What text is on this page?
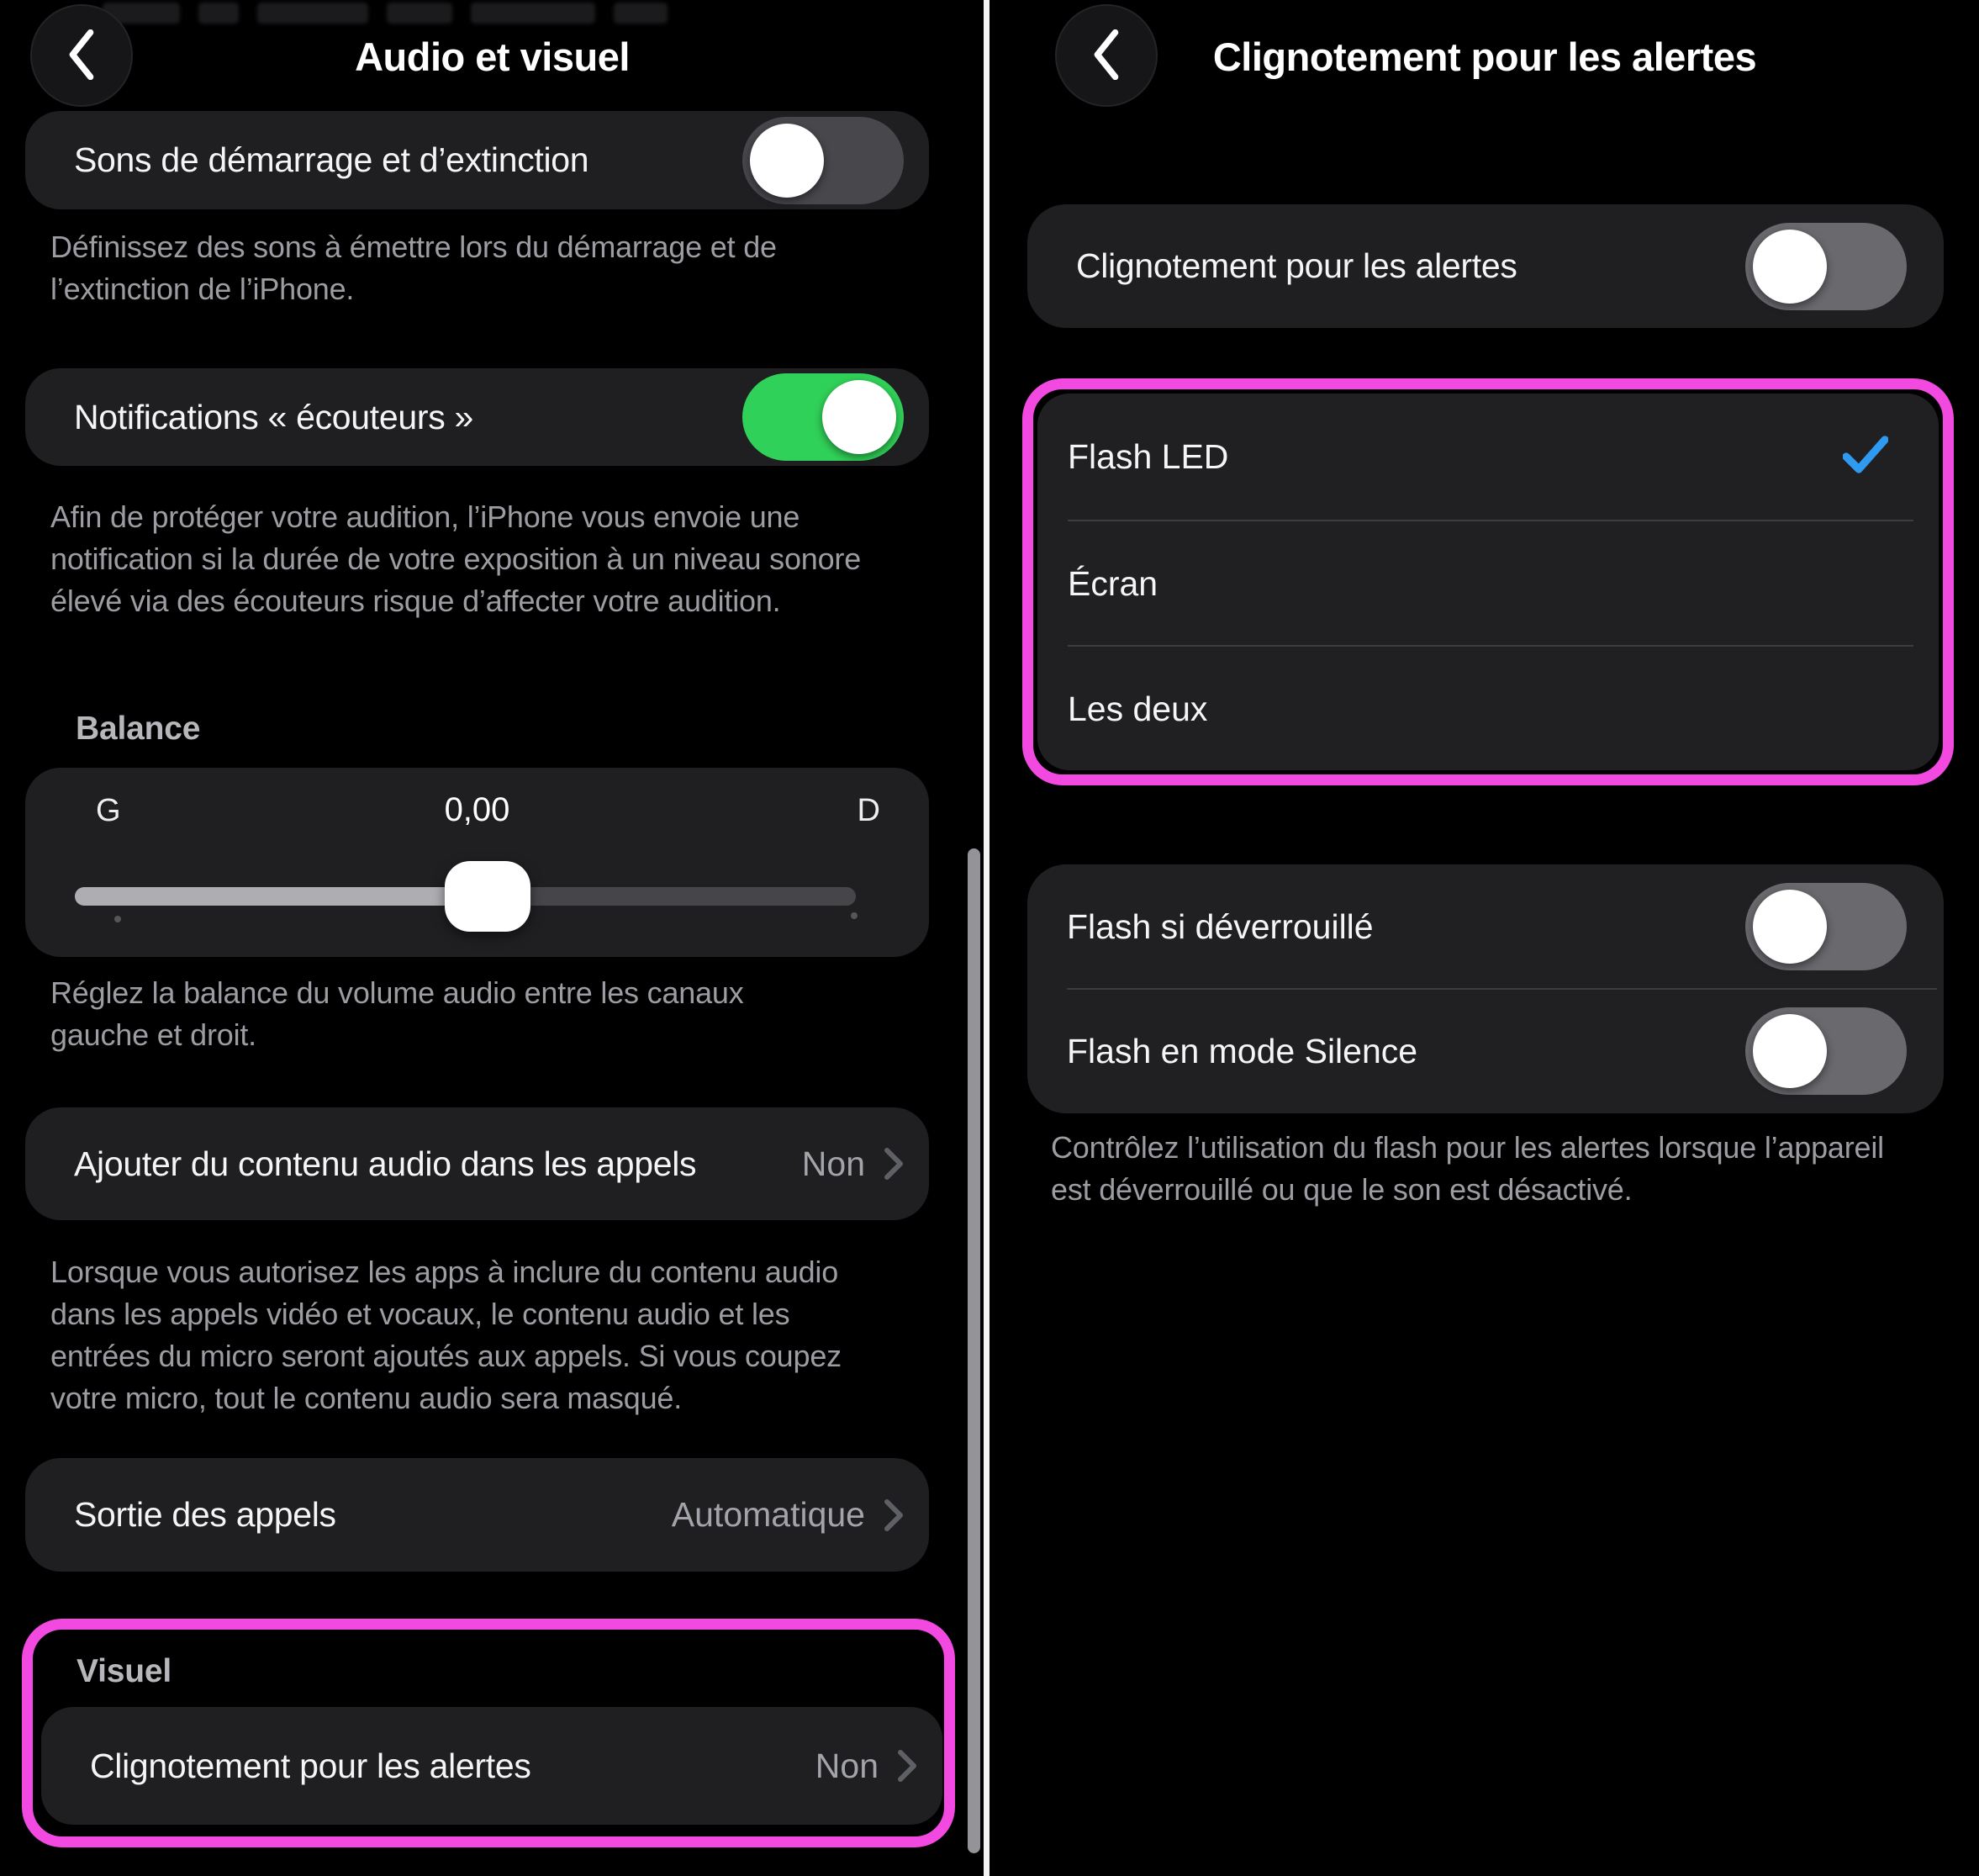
Audio et visuel
Sons de démarrage et d’extinction

Définissez des sons à émettre lors du démarrage et de l’extinction de l’iPhone.

Notifications « écouteurs »

Afin de protéger votre audition, l’iPhone vous envoie une notification si la durée de votre exposition à un niveau sonore élevé via des écouteurs risque d’affecter votre audition.

Balance
G	0,00	D

Réglez la balance du volume audio entre les canaux gauche et droit.

Ajouter du contenu audio dans les appels	Non

Lorsque vous autorisez les apps à inclure du contenu audio dans les appels vidéo et vocaux, le contenu audio et les entrées du micro seront ajoutés aux appels. Si vous coupez votre micro, tout le contenu audio sera masqué.

Sortie des appels	Automatique
Visuel
Clignotement pour les alertes	Non
Clignotement pour les alertes
Clignotement pour les alertes
Flash LED
Écran
Les deux
Flash si déverrouillé
Flash en mode Silence

Contrôlez l’utilisation du flash pour les alertes lorsque l’appareil est déverrouillé ou que le son est désactivé.
